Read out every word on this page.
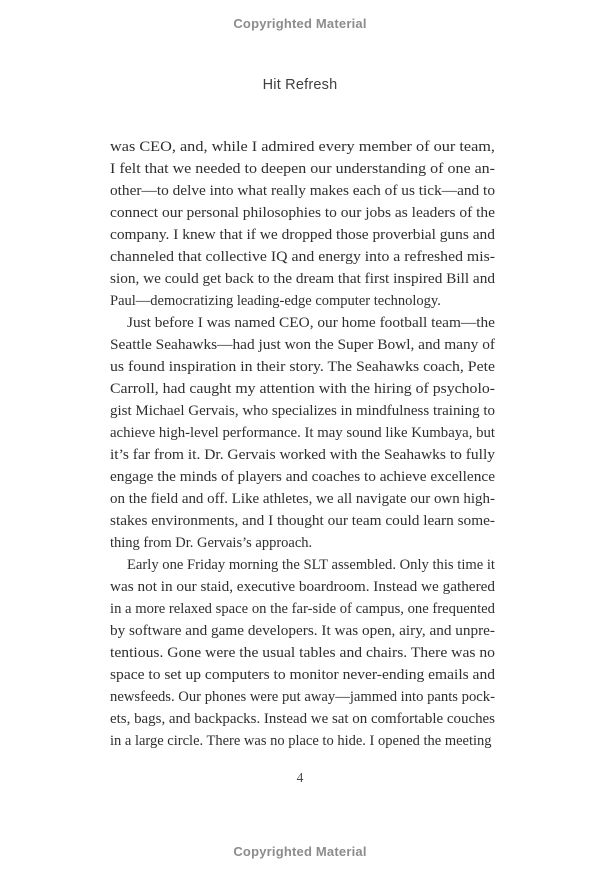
Copyrighted Material
Hit Refresh
was CEO, and, while I admired every member of our team,
I felt that we needed to deepen our understanding of one an-
other—to delve into what really makes each of us tick—and to
connect our personal philosophies to our jobs as leaders of the
company. I knew that if we dropped those proverbial guns and
channeled that collective IQ and energy into a refreshed mis-
sion, we could get back to the dream that first inspired Bill and
Paul—democratizing leading-edge computer technology.
Just before I was named CEO, our home football team—the
Seattle Seahawks—had just won the Super Bowl, and many of
us found inspiration in their story. The Seahawks coach, Pete
Carroll, had caught my attention with the hiring of psycholo-
gist Michael Gervais, who specializes in mindfulness training to
achieve high-level performance. It may sound like Kumbaya, but
it’s far from it. Dr. Gervais worked with the Seahawks to fully
engage the minds of players and coaches to achieve excellence
on the field and off. Like athletes, we all navigate our own high-
stakes environments, and I thought our team could learn some-
thing from Dr. Gervais’s approach.
Early one Friday morning the SLT assembled. Only this time it
was not in our staid, executive boardroom. Instead we gathered
in a more relaxed space on the far-side of campus, one frequented
by software and game developers. It was open, airy, and unpre-
tentious. Gone were the usual tables and chairs. There was no
space to set up computers to monitor never-ending emails and
newsfeeds. Our phones were put away—jammed into pants pock-
ets, bags, and backpacks. Instead we sat on comfortable couches
in a large circle. There was no place to hide. I opened the meeting
4
Copyrighted Material
